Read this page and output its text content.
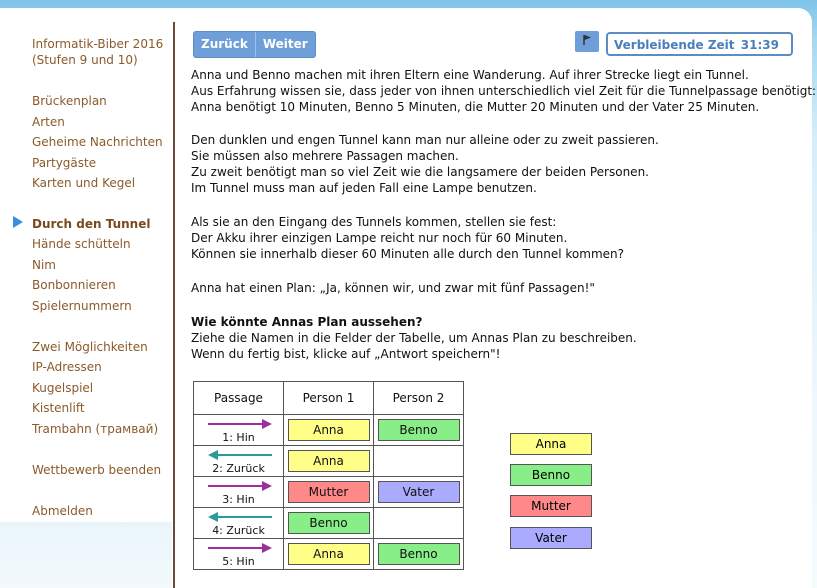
Informatik-Biber 2016
(Stufen 9 und 10)
Brückenplan
Arten
Geheime Nachrichten
Partygäste
Karten und Kegel
Durch den Tunnel
Hände schütteln
Nim
Bonbonnieren
Spielernummern
Zwei Möglichkeiten
IP-Adressen
Kugelspiel
Kistenlift
Trambahn (трамвай)
Wettbewerb beenden
Abmelden
Zurück	Weiter	Verbleibende Zeit 31:39
Anna und Benno machen mit ihren Eltern eine Wanderung. Auf ihrer Strecke liegt ein Tunnel.
Aus Erfahrung wissen sie, dass jeder von ihnen unterschiedlich viel Zeit für die Tunnelpassage benötigt:
Anna benötigt 10 Minuten, Benno 5 Minuten, die Mutter 20 Minuten und der Vater 25 Minuten.
Den dunklen und engen Tunnel kann man nur alleine oder zu zweit passieren.
Sie müssen also mehrere Passagen machen.
Zu zweit benötigt man so viel Zeit wie die langsamere der beiden Personen.
Im Tunnel muss man auf jeden Fall eine Lampe benutzen.
Als sie an den Eingang des Tunnels kommen, stellen sie fest:
Der Akku ihrer einzigen Lampe reicht nur noch für 60 Minuten.
Können sie innerhalb dieser 60 Minuten alle durch den Tunnel kommen?
Anna hat einen Plan: „Ja, können wir, und zwar mit fünf Passagen!"
Wie könnte Annas Plan aussehen?
Ziehe die Namen in die Felder der Tabelle, um Annas Plan zu beschreiben.
Wenn du fertig bist, klicke auf „Antwort speichern"!
Passage	Person 1	Person 2

1: Hin	Anna	Benno

2: Zurück	Anna	

3: Hin	Mutter	Vater

4: Zurück	Benno	

5: Hin	Anna	Benno
Anna
Benno
Mutter
Vater
